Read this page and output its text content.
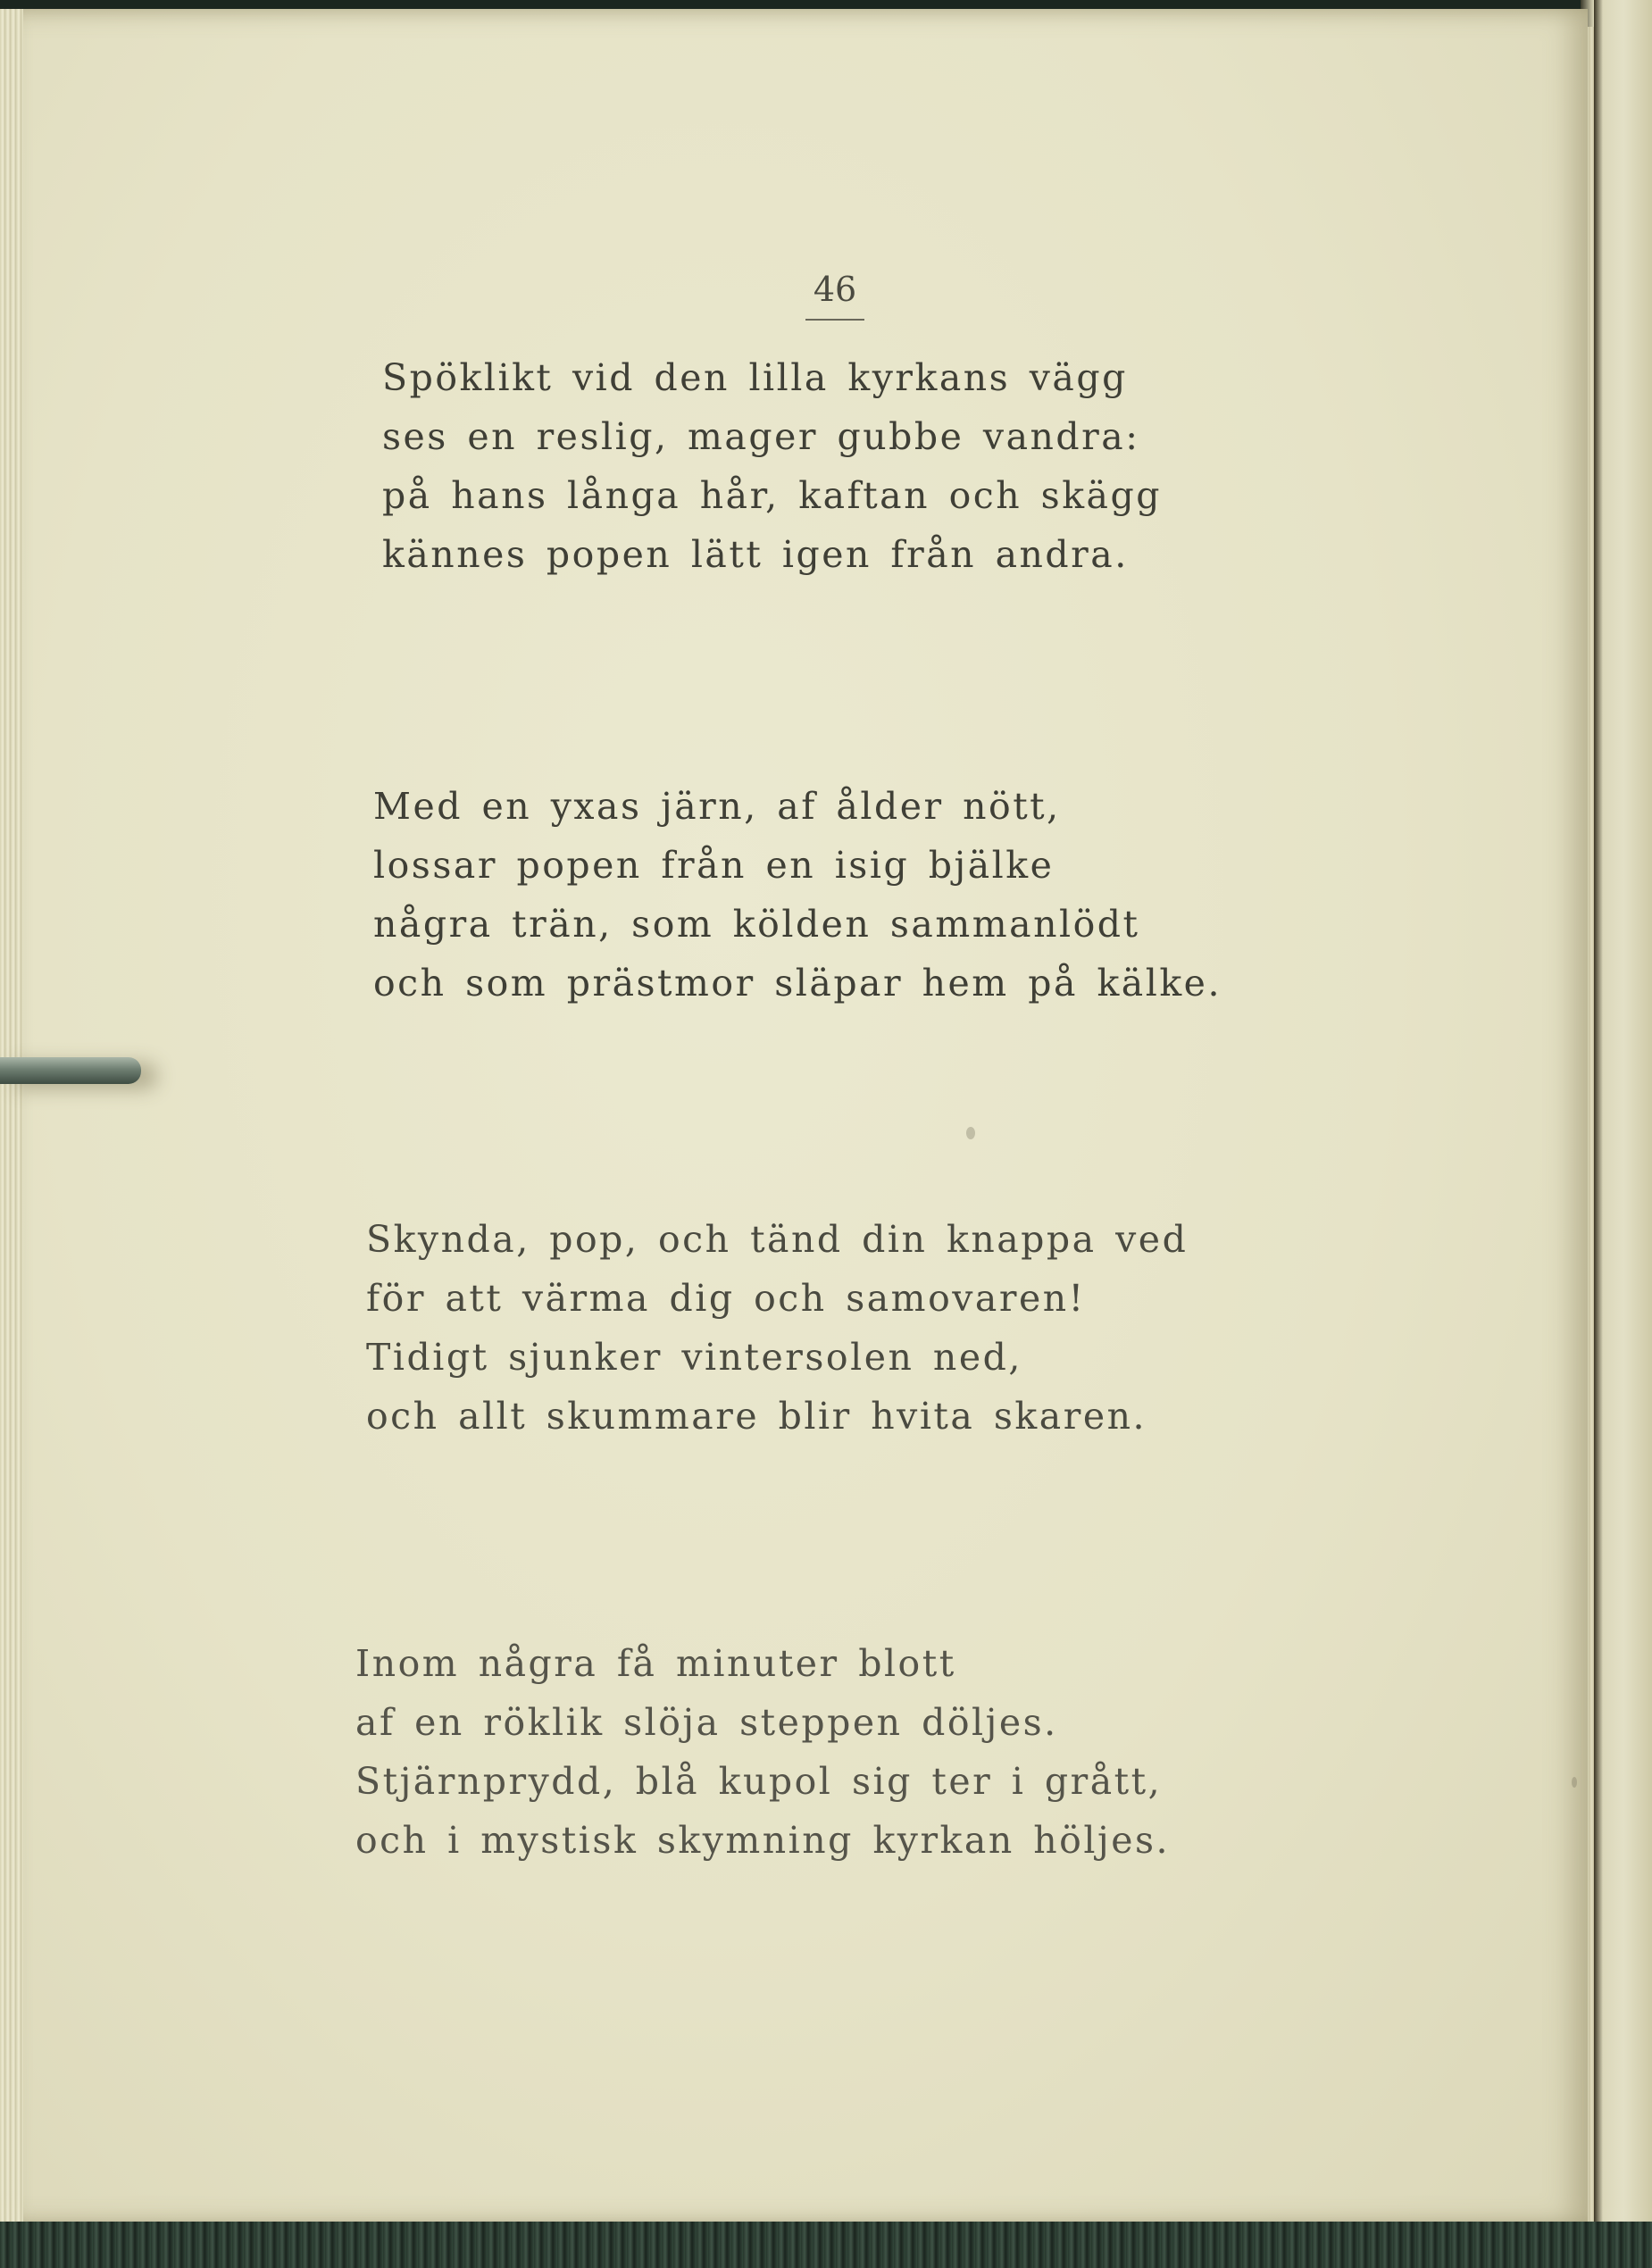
46
Spöklikt vid den lilla kyrkans vägg
ses en reslig, mager gubbe vandra:
på hans långa hår, kaftan och skägg
kännes popen lätt igen från andra.
Med en yxas järn, af ålder nött,
lossar popen från en isig bjälke
några trän, som kölden sammanlödt
och som prästmor släpar hem på kälke.
Skynda, pop, och tänd din knappa ved
för att värma dig och samovaren!
Tidigt sjunker vintersolen ned,
och allt skummare blir hvita skaren.
Inom några få minuter blott
af en röklik slöja steppen döljes.
Stjärnprydd, blå kupol sig ter i grått,
och i mystisk skymning kyrkan höljes.
